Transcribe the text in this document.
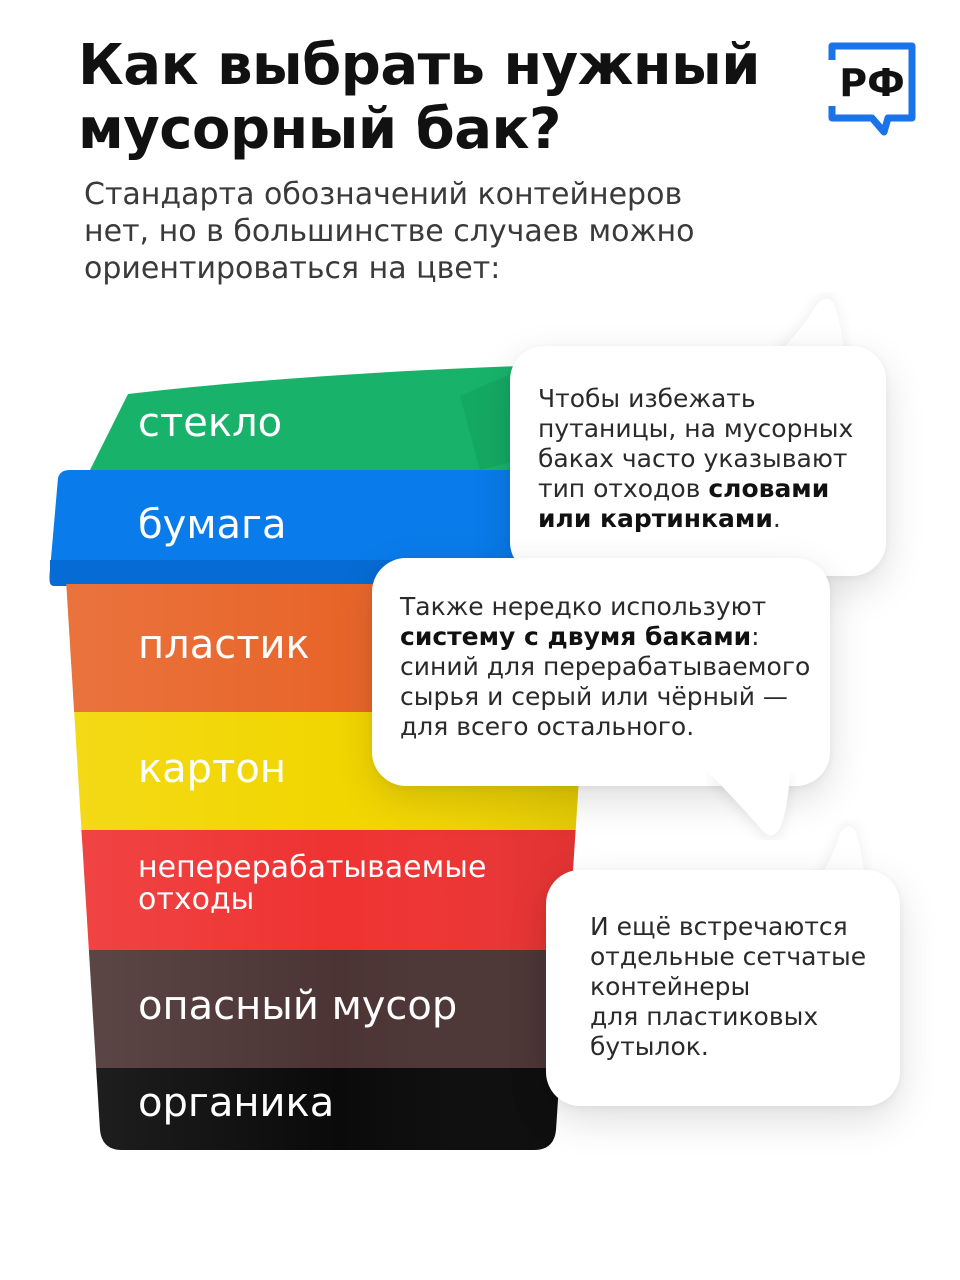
Как выбрать нужный
мусорный бак?
Стандарта обозначений контейнеров
нет, но в большинстве случаев можно
ориентироваться на цвет:
РФ
стекло
бумага
пластик
картон
неперерабатываемые
отходы
опасный мусор
органика
Чтобы избежать
путаницы, на мусорных
баках часто указывают
тип отходов словами
или картинками.
Также нередко используют
систему с двумя баками:
синий для перерабатываемого
сырья и серый или чёрный —
для всего остального.
И ещё встречаются
отдельные сетчатые
контейнеры
для пластиковых
бутылок.
